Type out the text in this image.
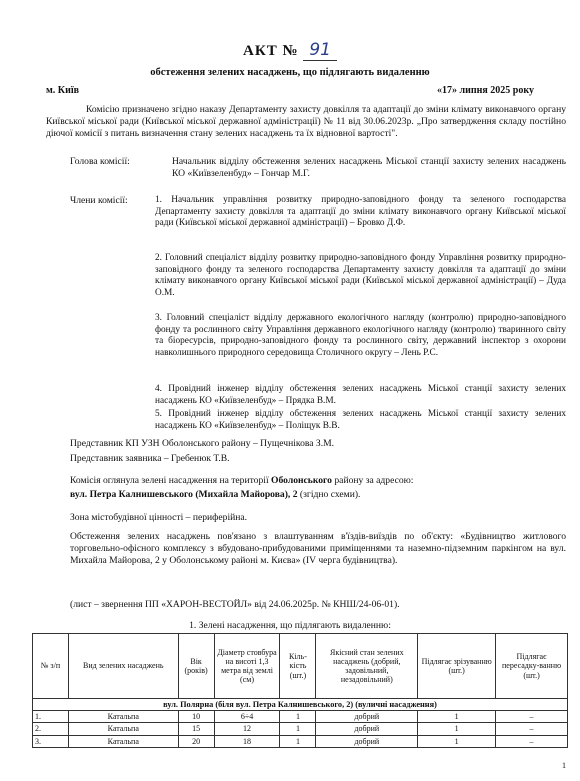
АКТ № 91
обстеження зелених насаджень, що підлягають видаленню
м. Київ	«17» липня 2025 року
Комісію призначено згідно наказу Департаменту захисту довкілля та адаптації до зміни клімату виконавчого органу Київської міської ради (Київської міської державної адміністрації) № 11 від 30.06.2023р. „Про затвердження складу постійно діючої комісії з питань визначення стану зелених насаджень та їх відновної вартості".
Голова комісії:	Начальник відділу обстеження зелених насаджень Міської станції захисту зелених насаджень КО «Київзеленбуд» – Гончар М.Г.
Члени комісії:	1. Начальник управління розвитку природно-заповідного фонду та зеленого господарства Департаменту захисту довкілля та адаптації до зміни клімату виконавчого органу Київської міської ради (Київської міської державної адміністрації) – Бровко Д.Ф.
2. Головний спеціаліст відділу розвитку природно-заповідного фонду Управління розвитку природно-заповідного фонду та зеленого господарства Департаменту захисту довкілля та адаптації до зміни клімату виконавчого органу Київської міської ради (Київської міської державної адміністрації) – Дуда О.М.
3. Головний спеціаліст відділу державного екологічного нагляду (контролю) природно-заповідного фонду та рослинного світу Управління державного екологічного нагляду (контролю) тваринного світу та біоресурсів, природно-заповідного фонду та рослинного світу, державний інспектор з охорони навколишнього природного середовища Столичного округу – Лень Р.С.
4. Провідний інженер відділу обстеження зелених насаджень Міської станції захисту зелених насаджень КО «Київзеленбуд» – Прядка В.М.
5. Провідний інженер відділу обстеження зелених насаджень Міської станції захисту зелених насаджень КО «Київзеленбуд» – Поліщук В.В.
Представник КП УЗН Оболонського району – Пущечнікова З.М.
Представник заявника – Гребенюк Т.В.
Комісія оглянула зелені насадження на території Оболонського району за адресою:
вул. Петра Калнишевського (Михайла Майорова), 2 (згідно схеми).
Зона містобудівної цінності – периферійна.
Обстеження зелених насаджень пов'язано з влаштуванням в'їздів-виїздів по об'єкту: «Будівництво житлового торговельно-офісного комплексу з вбудовано-прибудованими приміщеннями та наземно-підземним паркінгом на вул. Михайла Майорова, 2 у Оболонському районі м. Києва» (IV черга будівництва).
(лист – звернення ПП «ХАРОН-ВЕСТОЙЛ» від 24.06.2025р. № КНШ/24-06-01).
1. Зелені насадження, що підлягають видаленню:
№ з/п	Вид зелених насаджень	Вік (років)	Діаметр стовбура на висоті 1,3 метра від землі (см)	Кіль-кість (шт.)	Якісний стан зелених насаджень (добрий, задовільний, незадовільний)	Підлягає зрізуванню (шт.)	Підлягає пересадку-ванню (шт.)
вул. Полярна (біля вул. Петра Калнишевського, 2) (вуличні насадження)							
1.	Катальпа	10	6÷4	1	добрий	1	–
2.	Катальпа	15	12	1	добрий	1	–
3.	Катальпа	20	18	1	добрий	1	–
1
